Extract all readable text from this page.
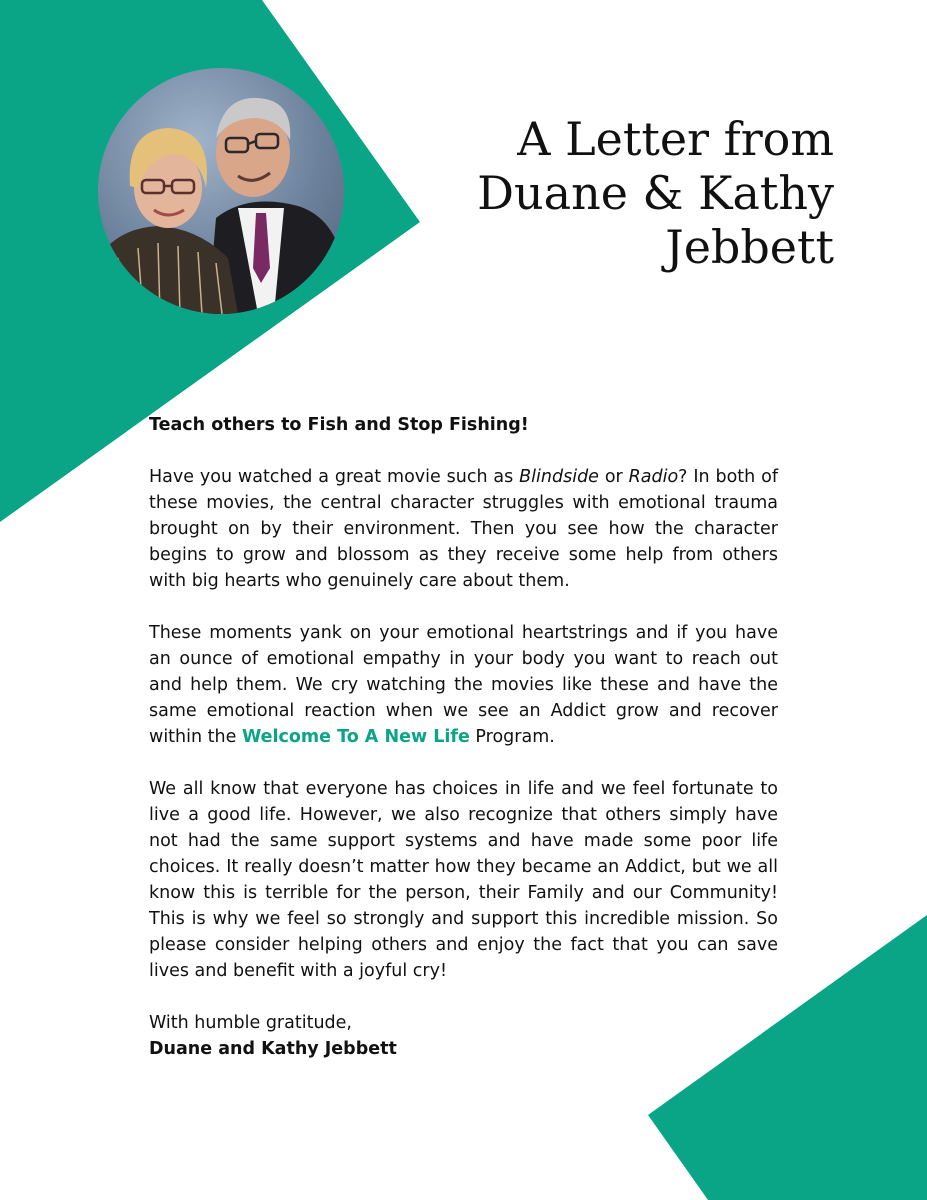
A Letter from
Duane & Kathy
Jebbett
Teach others to Fish and Stop Fishing!

Have you watched a great movie such as Blindside or Radio? In both of these movies, the central character struggles with emotional trauma brought on by their environment. Then you see how the character begins to grow and blossom as they receive some help from others with big hearts who genuinely care about them.

These moments yank on your emotional heartstrings and if you have an ounce of emotional empathy in your body you want to reach out and help them. We cry watching the movies like these and have the same emotional reaction when we see an Addict grow and recover within the Welcome To A New Life Program.

We all know that everyone has choices in life and we feel fortunate to live a good life. However, we also recognize that others simply have not had the same support systems and have made some poor life choices. It really doesn’t matter how they became an Addict, but we all know this is terrible for the person, their Family and our Community! This is why we feel so strongly and support this incredible mission. So please consider helping others and enjoy the fact that you can save lives and benefit with a joyful cry!

With humble gratitude,
Duane and Kathy Jebbett
